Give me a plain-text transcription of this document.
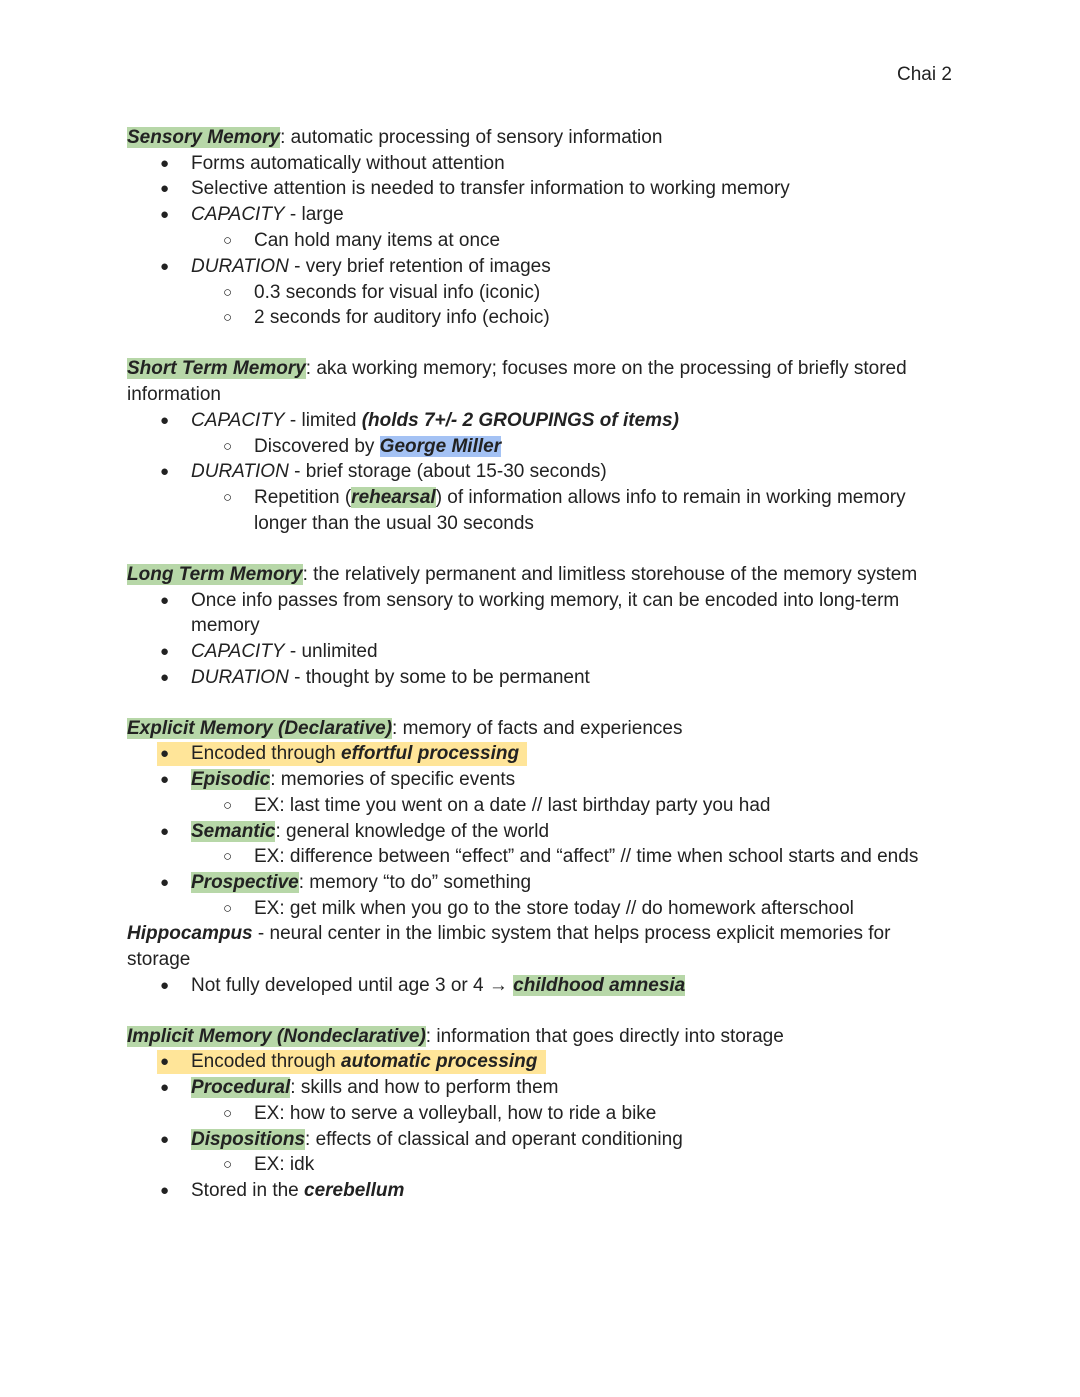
Chai 2
Sensory Memory: automatic processing of sensory information
● Forms automatically without attention
● Selective attention is needed to transfer information to working memory
● CAPACITY - large
○ Can hold many items at once
● DURATION - very brief retention of images
○ 0.3 seconds for visual info (iconic)
○ 2 seconds for auditory info (echoic)
Short Term Memory: aka working memory; focuses more on the processing of briefly stored
information
● CAPACITY - limited (holds 7+/- 2 GROUPINGS of items)
○ Discovered by George Miller
● DURATION - brief storage (about 15-30 seconds)
○ Repetition (rehearsal) of information allows info to remain in working memory
longer than the usual 30 seconds
Long Term Memory: the relatively permanent and limitless storehouse of the memory system
● Once info passes from sensory to working memory, it can be encoded into long-term
memory
● CAPACITY - unlimited
● DURATION - thought by some to be permanent
Explicit Memory (Declarative): memory of facts and experiences
● Encoded through effortful processing
● Episodic: memories of specific events
○ EX: last time you went on a date // last birthday party you had
● Semantic: general knowledge of the world
○ EX: difference between “effect” and “affect” // time when school starts and ends
● Prospective: memory “to do” something
○ EX: get milk when you go to the store today // do homework afterschool
Hippocampus - neural center in the limbic system that helps process explicit memories for
storage
● Not fully developed until age 3 or 4 → childhood amnesia
Implicit Memory (Nondeclarative): information that goes directly into storage
● Encoded through automatic processing
● Procedural: skills and how to perform them
○ EX: how to serve a volleyball, how to ride a bike
● Dispositions: effects of classical and operant conditioning
○ EX: idk
● Stored in the cerebellum
